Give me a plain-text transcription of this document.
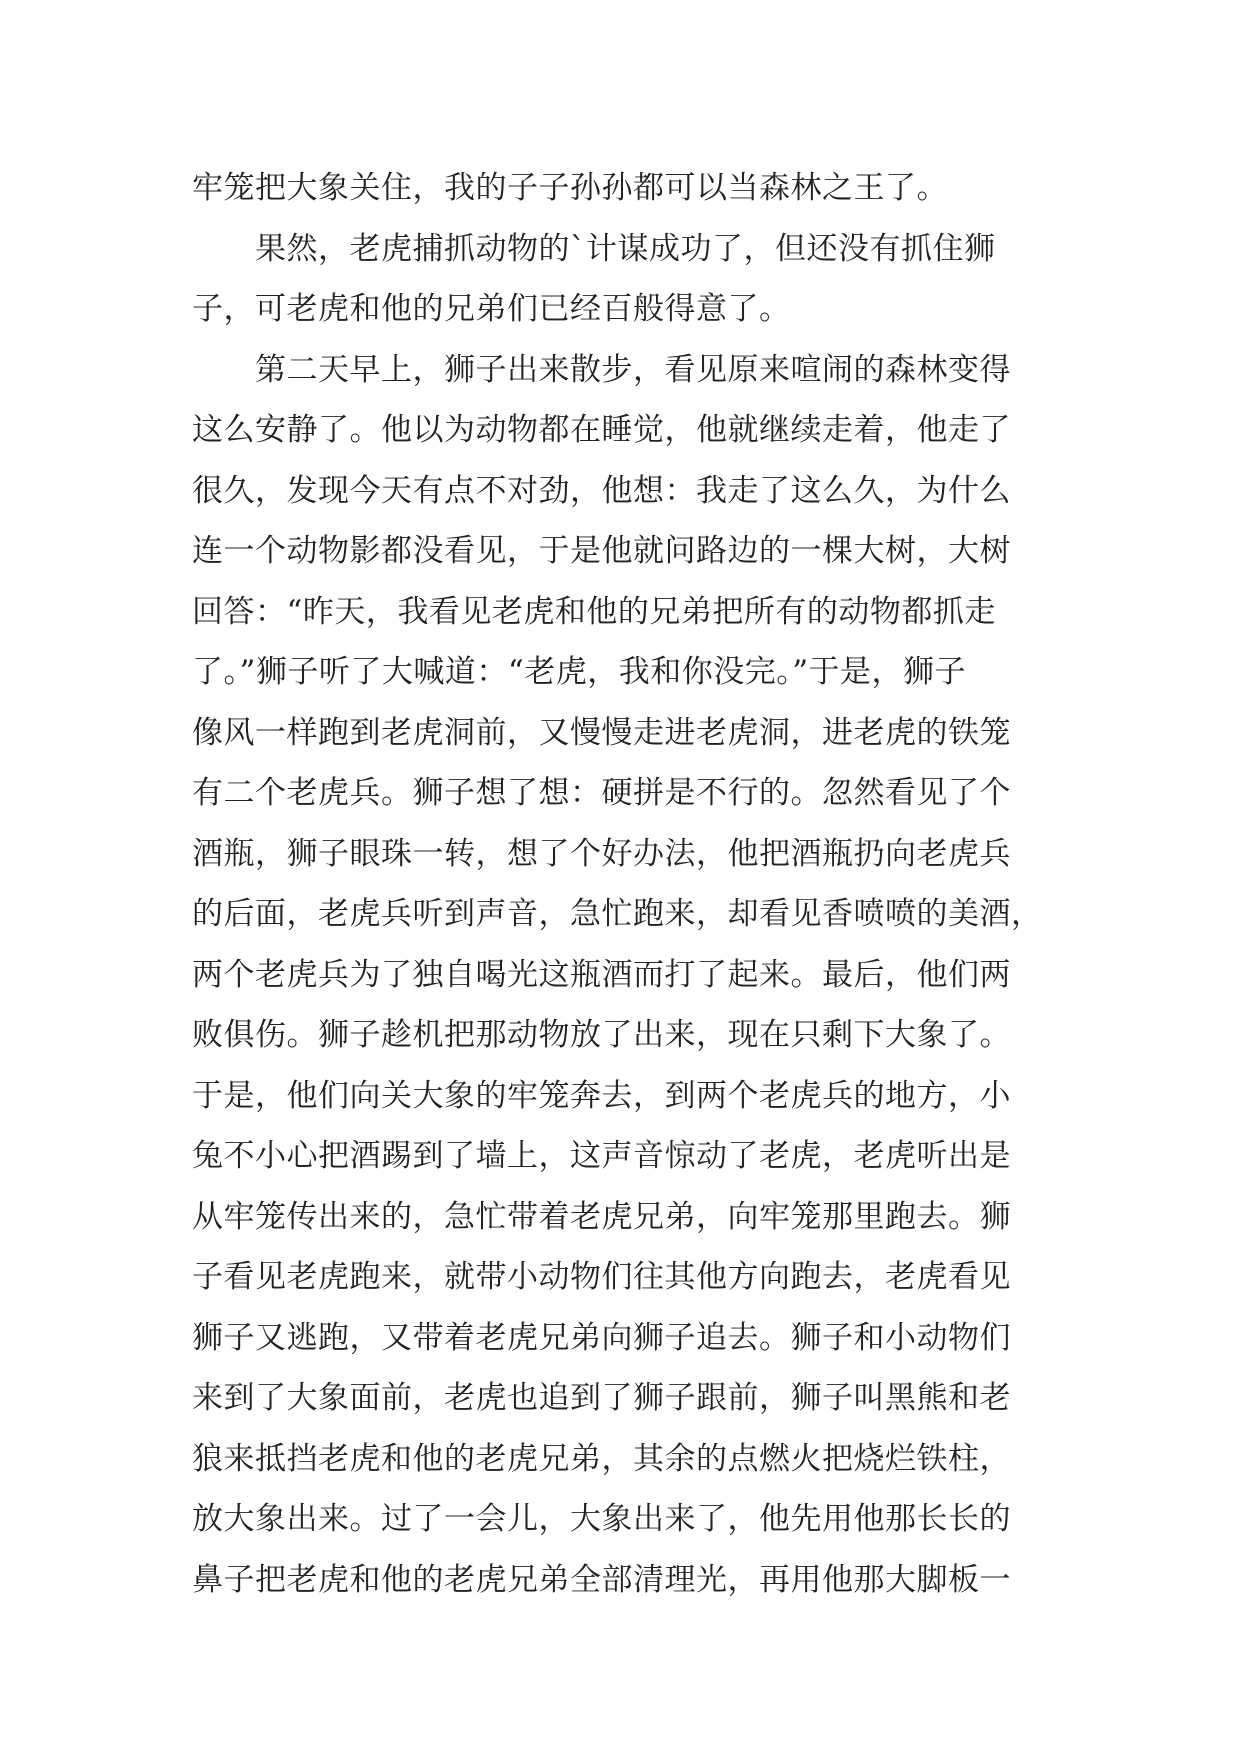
牢笼把大象关住，我的子子孙孙都可以当森林之王了。
　　果然，老虎捕抓动物的`计谋成功了，但还没有抓住狮
子，可老虎和他的兄弟们已经百般得意了。
　　第二天早上，狮子出来散步，看见原来喧闹的森林变得
这么安静了。他以为动物都在睡觉，他就继续走着，他走了
很久，发现今天有点不对劲，他想：我走了这么久，为什么
连一个动物影都没看见，于是他就问路边的一棵大树，大树
回答：“昨天，我看见老虎和他的兄弟把所有的动物都抓走
了。”狮子听了大喊道：“老虎，我和你没完。”于是，狮子
像风一样跑到老虎洞前，又慢慢走进老虎洞，进老虎的铁笼
有二个老虎兵。狮子想了想：硬拼是不行的。忽然看见了个
酒瓶，狮子眼珠一转，想了个好办法，他把酒瓶扔向老虎兵
的后面，老虎兵听到声音，急忙跑来，却看见香喷喷的美酒，
两个老虎兵为了独自喝光这瓶酒而打了起来。最后，他们两
败俱伤。狮子趁机把那动物放了出来，现在只剩下大象了。
于是，他们向关大象的牢笼奔去，到两个老虎兵的地方，小
兔不小心把酒踢到了墙上，这声音惊动了老虎，老虎听出是
从牢笼传出来的，急忙带着老虎兄弟，向牢笼那里跑去。狮
子看见老虎跑来，就带小动物们往其他方向跑去，老虎看见
狮子又逃跑，又带着老虎兄弟向狮子追去。狮子和小动物们
来到了大象面前，老虎也追到了狮子跟前，狮子叫黑熊和老
狼来抵挡老虎和他的老虎兄弟，其余的点燃火把烧烂铁柱，
放大象出来。过了一会儿，大象出来了，他先用他那长长的
鼻子把老虎和他的老虎兄弟全部清理光，再用他那大脚板一
